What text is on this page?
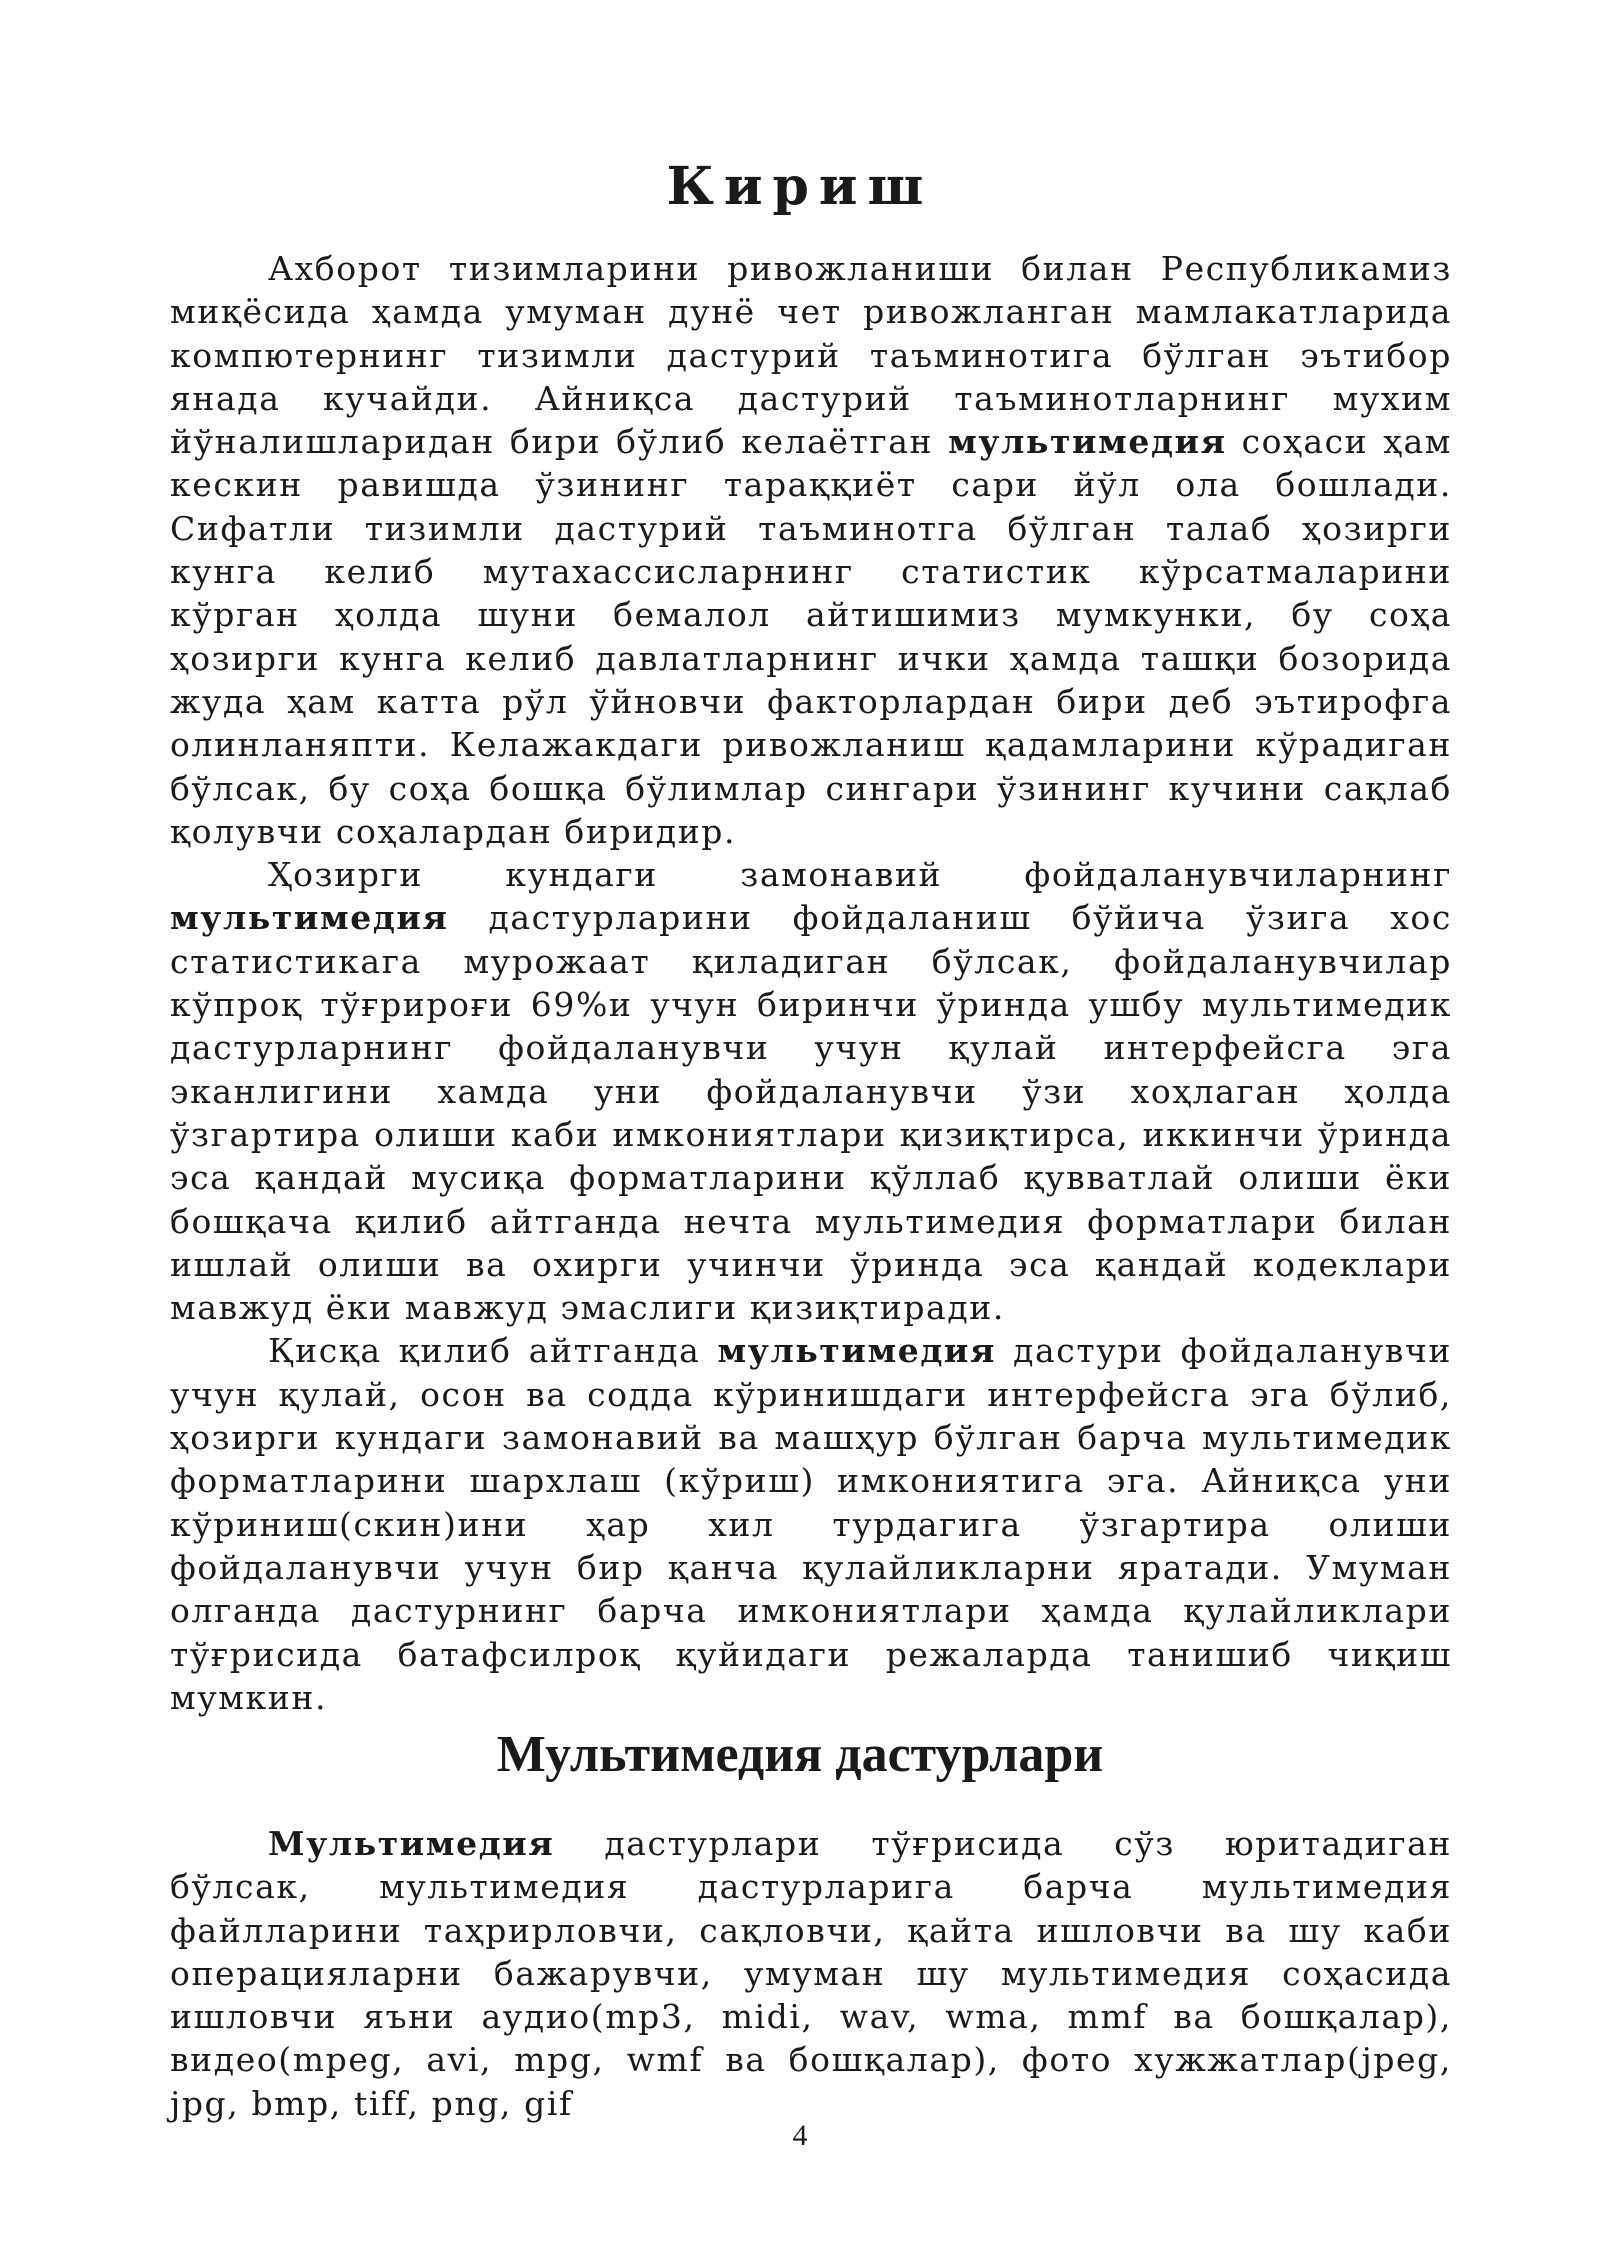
Кириш

Ахборот тизимларини ривожланиши билан Республикамиз миқёсида ҳамда умуман дунё чет ривожланган мамлакатларида компютернинг тизимли дастурий таъминотига бўлган эътибор янада кучайди. Айниқса дастурий таъминотларнинг мухим йўналишларидан бири бўлиб келаётган мультимедия соҳаси ҳам кескин равишда ўзининг тараққиёт сари йўл ола бошлади. Сифатли тизимли дастурий таъминотга бўлган талаб ҳозирги кунга келиб мутахассисларнинг статистик кўрсатмаларини кўрган ҳолда шуни бемалол айтишимиз мумкунки, бу соҳа ҳозирги кунга келиб давлатларнинг ички ҳамда ташқи бозорида жуда ҳам катта рўл ўйновчи факторлардан бири деб эътирофга олинланяпти. Келажакдаги ривожланиш қадамларини кўрадиган бўлсак, бу соҳа бошқа бўлимлар сингари ўзининг кучини сақлаб қолувчи соҳалардан биридир.

Ҳозирги кундаги замонавий фойдаланувчиларнинг мультимедия дастурларини фойдаланиш бўйича ўзига хос статистикага мурожаат қиладиган бўлсак, фойдаланувчилар кўпроқ тўғрироғи 69%и учун биринчи ўринда ушбу мультимедик дастурларнинг фойдаланувчи учун қулай интерфейсга эга эканлигини хамда уни фойдаланувчи ўзи хоҳлаган ҳолда ўзгартира олиши каби имкониятлари қизиқтирса, иккинчи ўринда эса қандай мусиқа форматларини қўллаб қувватлай олиши ёки бошқача қилиб айтганда нечта мультимедия форматлари билан ишлай олиши ва охирги учинчи ўринда эса қандай кодеклари мавжуд ёки мавжуд эмаслиги қизиқтиради.

Қисқа қилиб айтганда мультимедия дастури фойдаланувчи учун қулай, осон ва содда кўринишдаги интерфейсга эга бўлиб, ҳозирги кундаги замонавий ва машҳур бўлган барча мультимедик форматларини шархлаш (кўриш) имкониятига эга. Айниқса уни кўриниш(скин)ини ҳар хил турдагига ўзгартира олиши фойдаланувчи учун бир қанча қулайликларни яратади. Умуман олганда дастурнинг барча имкониятлари ҳамда қулайликлари тўғрисида батафсилроқ қуйидаги режаларда танишиб чиқиш мумкин.

Мультимедия дастурлари

Мультимедия дастурлари тўғрисида сўз юритадиган бўлсак, мультимедия дастурларига барча мультимедия файлларини таҳрирловчи, сақловчи, қайта ишловчи ва шу каби операцияларни бажарувчи, умуман шу мультимедия соҳасида ишловчи яъни аудио(mp3, midi, wav, wma, mmf ва бошқалар), видео(mpeg, avi, mpg, wmf ва бошқалар), фото хужжатлар(jpeg, jpg, bmp, tiff, png, gif

4
